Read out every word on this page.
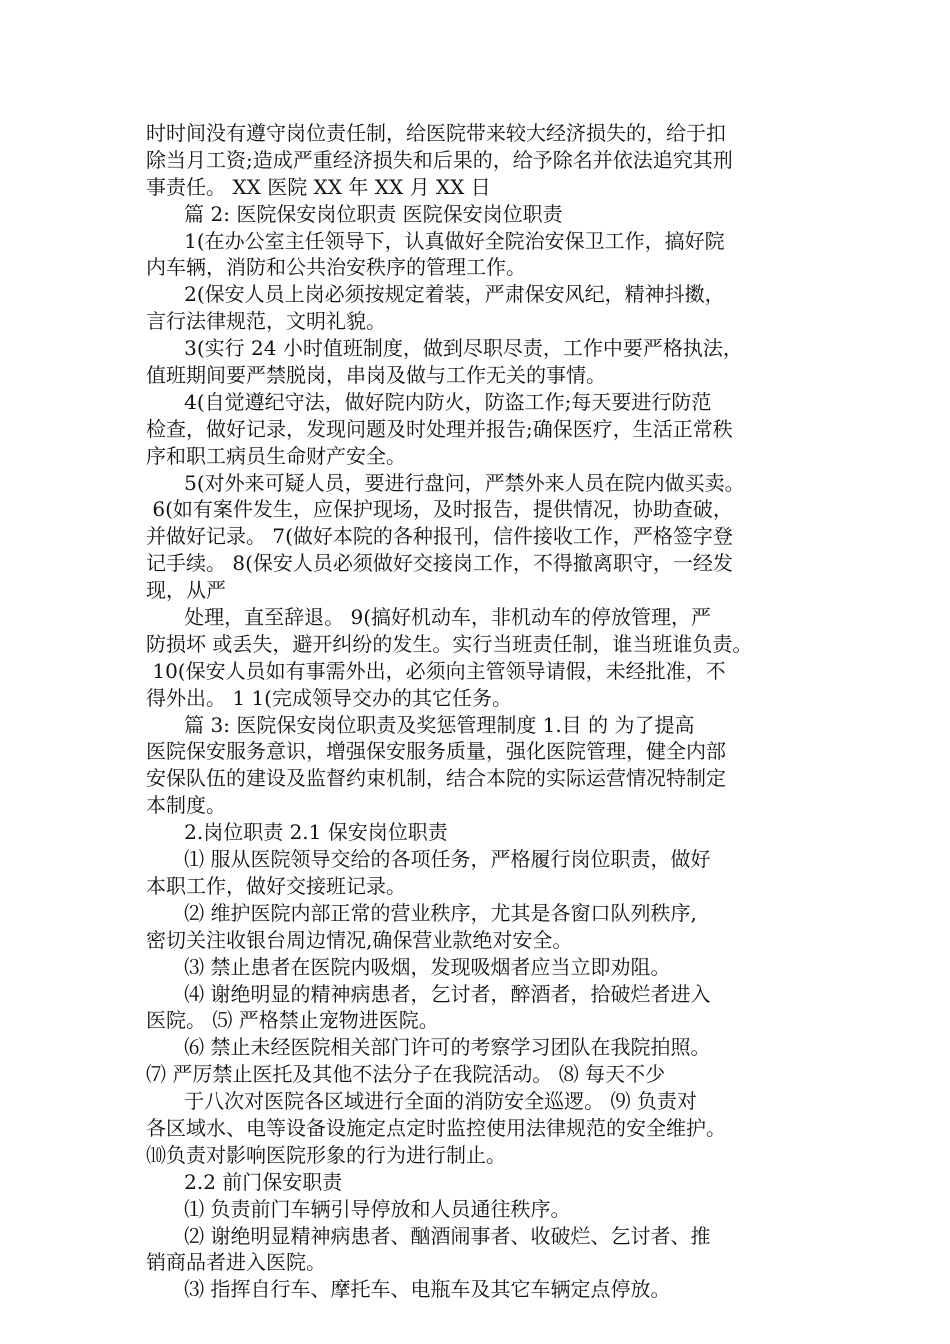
时时间没有遵守岗位责任制，给医院带来较大经济损失的，给于扣
除当月工资;造成严重经济损失和后果的，给予除名并依法追究其刑
事责任。 XX 医院 XX 年 XX 月 XX 日
篇 2: 医院保安岗位职责 医院保安岗位职责
1(在办公室主任领导下，认真做好全院治安保卫工作，搞好院
内车辆，消防和公共治安秩序的管理工作。
2(保安人员上岗必须按规定着装，严肃保安风纪，精神抖擞，
言行法律规范，文明礼貌。
3(实行 24 小时值班制度，做到尽职尽责，工作中要严格执法，
值班期间要严禁脱岗，串岗及做与工作无关的事情。
4(自觉遵纪守法，做好院内防火，防盗工作;每天要进行防范
检查，做好记录，发现问题及时处理并报告;确保医疗，生活正常秩
序和职工病员生命财产安全。
5(对外来可疑人员，要进行盘问，严禁外来人员在院内做买卖。
6(如有案件发生，应保护现场，及时报告，提供情况，协助查破，
并做好记录。 7(做好本院的各种报刊，信件接收工作，严格签字登
记手续。 8(保安人员必须做好交接岗工作，不得撤离职守，一经发
现，从严
处理，直至辞退。 9(搞好机动车，非机动车的停放管理，严
防损坏 或丢失，避开纠纷的发生。实行当班责任制，谁当班谁负责。
10(保安人员如有事需外出，必须向主管领导请假，未经批准，不
得外出。 1 1(完成领导交办的其它任务。
篇 3: 医院保安岗位职责及奖惩管理制度 1.目 的 为了提高
医院保安服务意识，增强保安服务质量，强化医院管理，健全内部
安保队伍的建设及监督约束机制，结合本院的实际运营情况特制定
本制度。
2.岗位职责 2.1 保安岗位职责
⑴ 服从医院领导交给的各项任务，严格履行岗位职责，做好
本职工作，做好交接班记录。
⑵ 维护医院内部正常的营业秩序，尤其是各窗口队列秩序,
密切关注收银台周边情况,确保营业款绝对安全。
⑶ 禁止患者在医院内吸烟，发现吸烟者应当立即劝阻。
⑷ 谢绝明显的精神病患者，乞讨者，醉酒者，拾破烂者进入
医院。 ⑸ 严格禁止宠物进医院。
⑹ 禁止未经医院相关部门许可的考察学习团队在我院拍照。
⑺ 严厉禁止医托及其他不法分子在我院活动。 ⑻ 每天不少
于八次对医院各区域进行全面的消防安全巡逻。 ⑼ 负责对
各区域水、电等设备设施定点定时监控使用法律规范的安全维护。
⑽负责对影响医院形象的行为进行制止。
2.2 前门保安职责
⑴ 负责前门车辆引导停放和人员通往秩序。
⑵ 谢绝明显精神病患者、酗酒闹事者、收破烂、乞讨者、推
销商品者进入医院。
⑶ 指挥自行车、摩托车、电瓶车及其它车辆定点停放。
